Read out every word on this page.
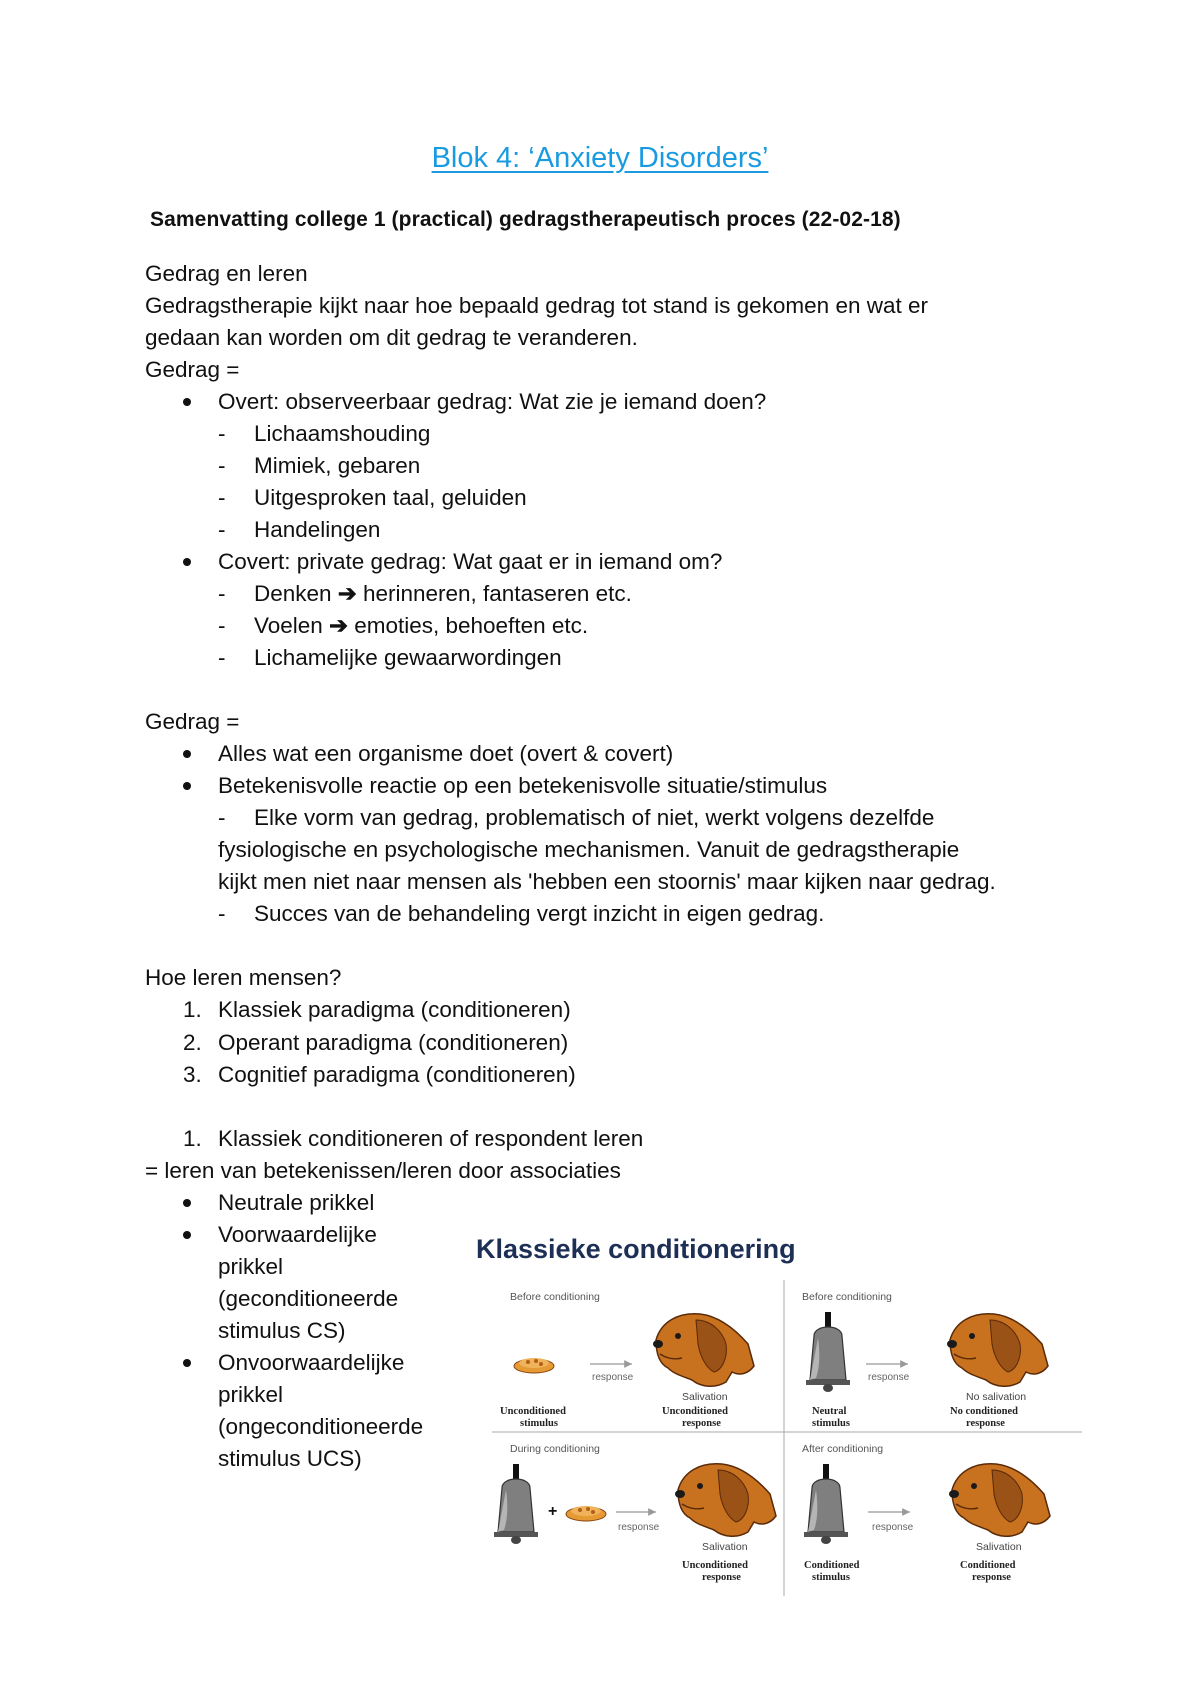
Blok 4: ‘Anxiety Disorders’
Samenvatting college 1 (practical) gedragstherapeutisch proces (22-02-18)
Gedrag en leren
Gedragstherapie kijkt naar hoe bepaald gedrag tot stand is gekomen en wat er
gedaan kan worden om dit gedrag te veranderen.
Gedrag =
Overt: observeerbaar gedrag: Wat zie je iemand doen?
- Lichaamshouding
- Mimiek, gebaren
- Uitgesproken taal, geluiden
- Handelingen
Covert: private gedrag: Wat gaat er in iemand om?
- Denken ➔ herinneren, fantaseren etc.
- Voelen ➔ emoties, behoeften etc.
- Lichamelijke gewaarwordingen
Gedrag =
Alles wat een organisme doet (overt & covert)
Betekenisvolle reactie op een betekenisvolle situatie/stimulus
- Elke vorm van gedrag, problematisch of niet, werkt volgens dezelfde
fysiologische en psychologische mechanismen. Vanuit de gedragstherapie
kijkt men niet naar mensen als 'hebben een stoornis' maar kijken naar gedrag.
- Succes van de behandeling vergt inzicht in eigen gedrag.
Hoe leren mensen?
1. Klassiek paradigma (conditioneren)
2. Operant paradigma (conditioneren)
3. Cognitief paradigma (conditioneren)
1. Klassiek conditioneren of respondent leren
= leren van betekenissen/leren door associaties
Neutrale prikkel
Voorwaardelijke
prikkel
(geconditioneerde
stimulus CS)
Onvoorwaardelijke
prikkel
(ongeconditioneerde
stimulus UCS)
Klassieke conditionering
Before conditioning
response
Salivation
Unconditioned
stimulus
Unconditioned
response
Before conditioning
response
No salivation
Neutral
stimulus
No conditioned
response
During conditioning
+
response
Salivation
Unconditioned
response
After conditioning
response
Salivation
Conditioned
stimulus
Conditioned
response
